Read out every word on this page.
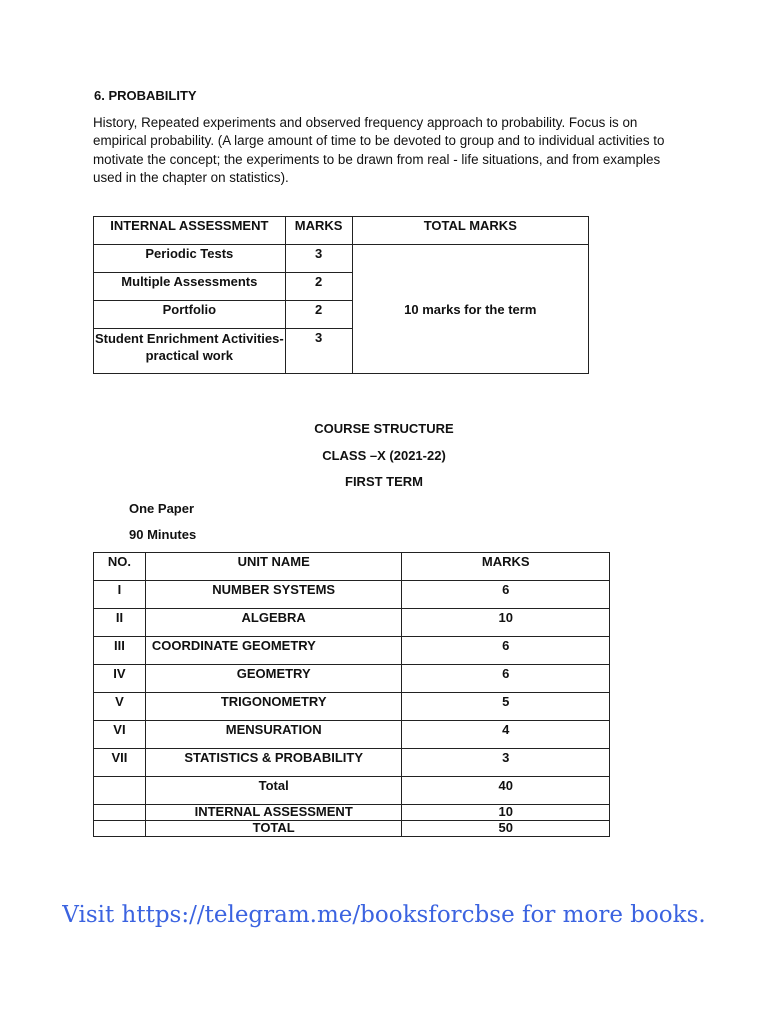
6. PROBABILITY
History, Repeated experiments and observed frequency approach to probability. Focus is on empirical probability. (A large amount of time to be devoted to group and to individual activities to motivate the concept; the experiments to be drawn from real - life situations, and from examples used in the chapter on statistics).
INTERNAL ASSESSMENT	MARKS	TOTAL MARKS
Periodic Tests	3	10 marks for the term
Multiple Assessments	2	
Portfolio	2	
Student Enrichment Activities-practical work	3	
COURSE STRUCTURE
CLASS –X (2021-22)
FIRST TERM
One Paper
90 Minutes
NO.	UNIT NAME	MARKS
I	NUMBER SYSTEMS	6
II	ALGEBRA	10
III	COORDINATE GEOMETRY	6
IV	GEOMETRY	6
V	TRIGONOMETRY	5
VI	MENSURATION	4
VII	STATISTICS & PROBABILITY	3
	Total	40
	INTERNAL ASSESSMENT	10
	TOTAL	50
Visit https://telegram.me/booksforcbse for more books.
